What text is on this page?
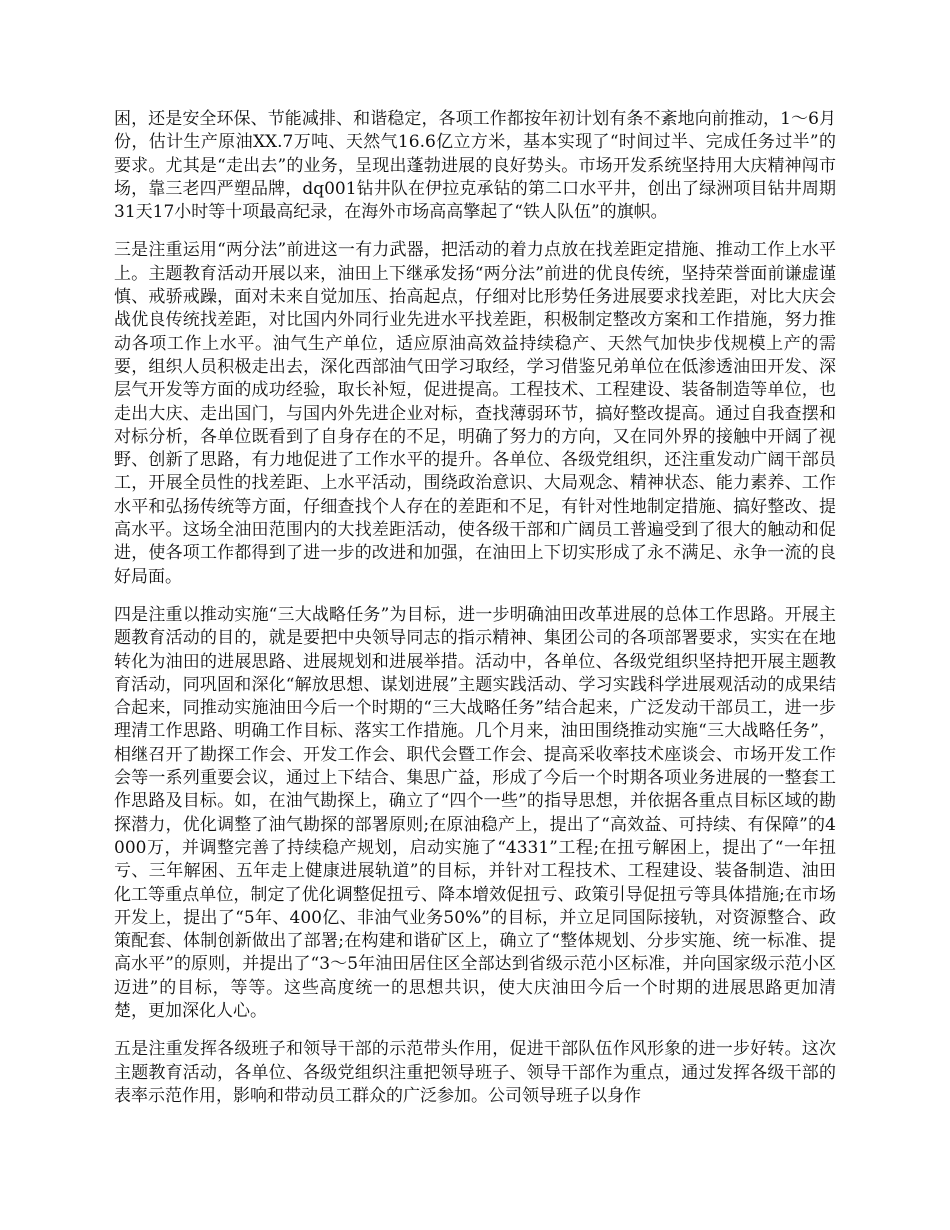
困，还是安全环保、节能减排、和谐稳定，各项工作都按年初计划有条不紊地向前推动，1～6月份，估计生产原油XX.7万吨、天然气16.6亿立方米，基本实现了“时间过半、完成任务过半”的要求。尤其是“走出去”的业务，呈现出蓬勃进展的良好势头。市场开发系统坚持用大庆精神闯市场，靠三老四严塑品牌，dq001钻井队在伊拉克承钻的第二口水平井，创出了绿洲项目钻井周期31天17小时等十项最高纪录，在海外市场高高擎起了“铁人队伍”的旗帜。

三是注重运用“两分法”前进这一有力武器，把活动的着力点放在找差距定措施、推动工作上水平上。主题教育活动开展以来，油田上下继承发扬“两分法”前进的优良传统，坚持荣誉面前谦虚谨慎、戒骄戒躁，面对未来自觉加压、抬高起点，仔细对比形势任务进展要求找差距，对比大庆会战优良传统找差距，对比国内外同行业先进水平找差距，积极制定整改方案和工作措施，努力推动各项工作上水平。油气生产单位，适应原油高效益持续稳产、天然气加快步伐规模上产的需要，组织人员积极走出去，深化西部油气田学习取经，学习借鉴兄弟单位在低渗透油田开发、深层气开发等方面的成功经验，取长补短，促进提高。工程技术、工程建设、装备制造等单位，也走出大庆、走出国门，与国内外先进企业对标，查找薄弱环节，搞好整改提高。通过自我查摆和对标分析，各单位既看到了自身存在的不足，明确了努力的方向，又在同外界的接触中开阔了视野、创新了思路，有力地促进了工作水平的提升。各单位、各级党组织，还注重发动广阔干部员工，开展全员性的找差距、上水平活动，围绕政治意识、大局观念、精神状态、能力素养、工作水平和弘扬传统等方面，仔细查找个人存在的差距和不足，有针对性地制定措施、搞好整改、提高水平。这场全油田范围内的大找差距活动，使各级干部和广阔员工普遍受到了很大的触动和促进，使各项工作都得到了进一步的改进和加强，在油田上下切实形成了永不满足、永争一流的良好局面。

四是注重以推动实施“三大战略任务”为目标，进一步明确油田改革进展的总体工作思路。开展主题教育活动的目的，就是要把中央领导同志的指示精神、集团公司的各项部署要求，实实在在地转化为油田的进展思路、进展规划和进展举措。活动中，各单位、各级党组织坚持把开展主题教育活动，同巩固和深化“解放思想、谋划进展”主题实践活动、学习实践科学进展观活动的成果结合起来，同推动实施油田今后一个时期的“三大战略任务”结合起来，广泛发动干部员工，进一步理清工作思路、明确工作目标、落实工作措施。几个月来，油田围绕推动实施“三大战略任务”，相继召开了勘探工作会、开发工作会、职代会暨工作会、提高采收率技术座谈会、市场开发工作会等一系列重要会议，通过上下结合、集思广益，形成了今后一个时期各项业务进展的一整套工作思路及目标。如，在油气勘探上，确立了“四个一些”的指导思想，并依据各重点目标区域的勘探潜力，优化调整了油气勘探的部署原则;在原油稳产上，提出了“高效益、可持续、有保障”的4000万，并调整完善了持续稳产规划，启动实施了“4331”工程;在扭亏解困上，提出了“一年扭亏、三年解困、五年走上健康进展轨道”的目标，并针对工程技术、工程建设、装备制造、油田化工等重点单位，制定了优化调整促扭亏、降本增效促扭亏、政策引导促扭亏等具体措施;在市场开发上，提出了“5年、400亿、非油气业务50%”的目标，并立足同国际接轨，对资源整合、政策配套、体制创新做出了部署;在构建和谐矿区上，确立了“整体规划、分步实施、统一标准、提高水平”的原则，并提出了“3～5年油田居住区全部达到省级示范小区标准，并向国家级示范小区迈进”的目标，等等。这些高度统一的思想共识，使大庆油田今后一个时期的进展思路更加清楚，更加深化人心。

五是注重发挥各级班子和领导干部的示范带头作用，促进干部队伍作风形象的进一步好转。这次主题教育活动，各单位、各级党组织注重把领导班子、领导干部作为重点，通过发挥各级干部的表率示范作用，影响和带动员工群众的广泛参加。公司领导班子以身作
